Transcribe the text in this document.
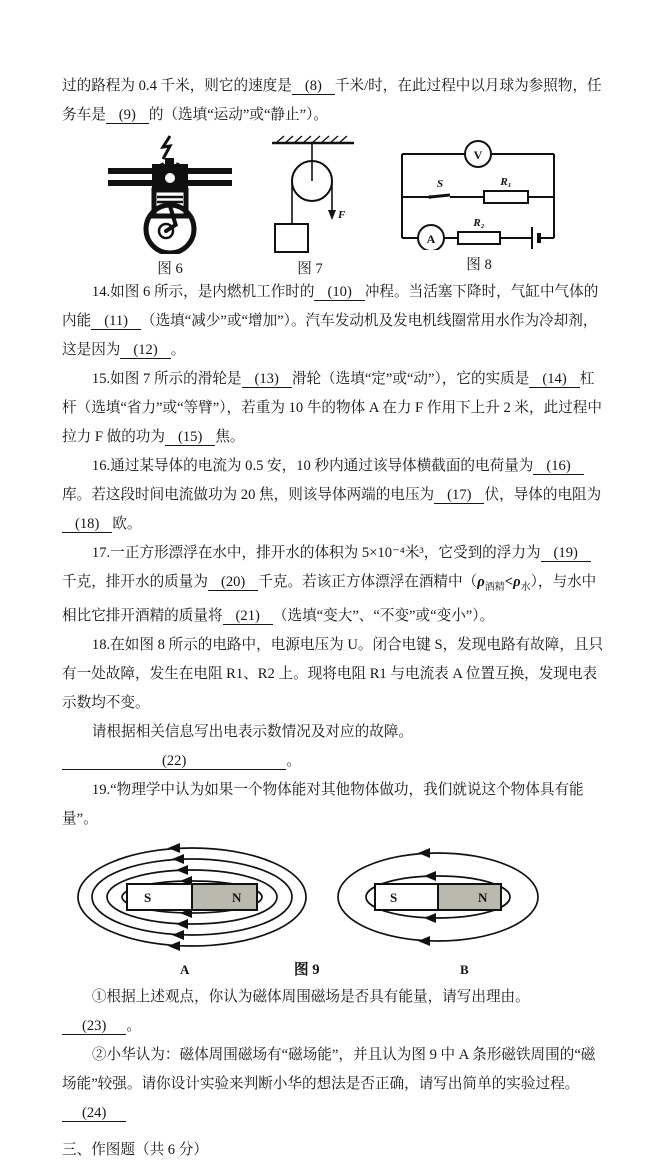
过的路程为 0.4 千米，则它的速度是 (8) 千米/时，在此过程中以月球为参照物，任务车是 (9) 的（选填“运动”或“静止”）。

图 6
F
图 7
V
S	R₁
A
R₂
图 8

14.如图 6 所示，是内燃机工作时的 (10) 冲程。当活塞下降时，气缸中气体的内能 (11) （选填“减少”或“增加”）。汽车发动机及发电机线圈常用水作为冷却剂，这是因为 (12) 。

15.如图 7 所示的滑轮是 (13) 滑轮（选填“定”或“动”），它的实质是 (14) 杠杆（选填“省力”或“等臂”），若重为 10 牛的物体 A 在力 F 作用下上升 2 米，此过程中拉力 F 做的功为 (15) 焦。

16.通过某导体的电流为 0.5 安，10 秒内通过该导体横截面的电荷量为 (16)库。若这段时间电流做功为 20 焦，则该导体两端的电压为 (17) 伏，导体的电阻为(18) 欧。

17.一正方形漂浮在水中，排开水的体积为 5×10⁻⁴米³，它受到的浮力为 (19)千克，排开水的质量为 (20) 千克。若该正方体漂浮在酒精中$(\rho_{酒精}<\rho_水)$，与水中相比它排开酒精的质量将 (21) （选填“变大”、“不变”或“变小”）。

18.在如图 8 所示的电路中，电源电压为 U。闭合电键 S，发现电路有故障，且只有一处故障，发生在电阻 R1、R2 上。现将电阻 R1 与电流表 A 位置互换，发现电表示数均不变。

请根据相关信息写出电表示数情况及对应的故障。(22)	。

19.“物理学中认为如果一个物体能对其他物体做功，我们就说这个物体具有能量”。

S	N	S	N
A	图 9	B

①根据上述观点，你认为磁体周围磁场是否具有能量，请写出理由。(23) 。

②小华认为：磁体周围磁场有“磁场能”，并且认为图 9 中 A 条形磁铁周围的“磁场能”较强。请你设计实验来判断小华的想法是否正确，请写出简单的实验过程。(24)

三、作图题（共 6 分）
